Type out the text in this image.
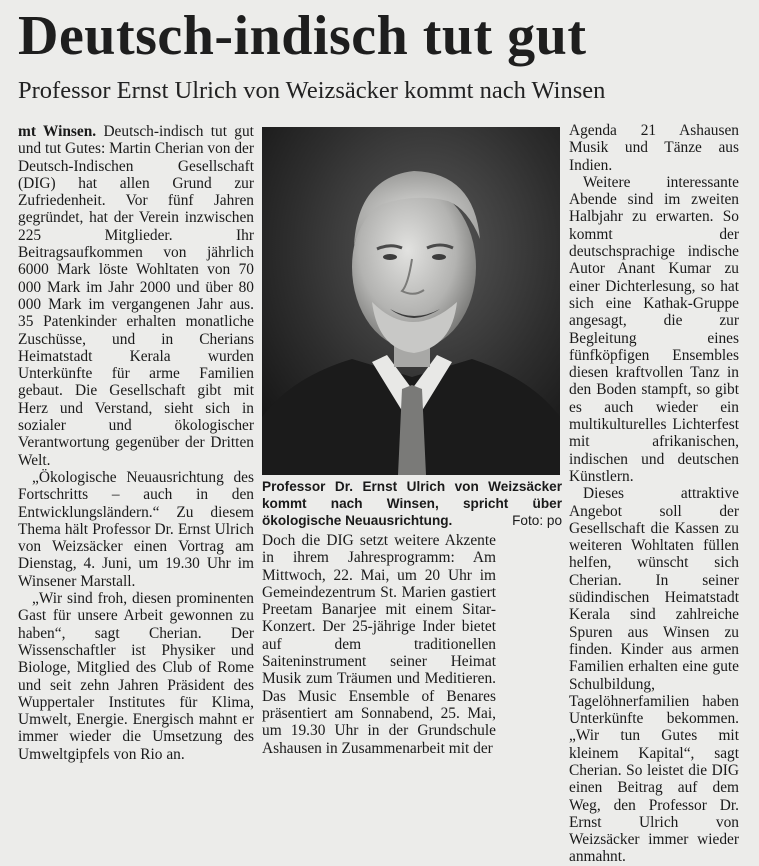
Deutsch-indisch tut gut
Professor Ernst Ulrich von Weizsäcker kommt nach Winsen

mt Winsen. Deutsch-indisch tut gut und tut Gutes: Martin Cherian von der Deutsch-Indischen Gesellschaft (DIG) hat allen Grund zur Zufriedenheit. Vor fünf Jahren gegründet, hat der Verein inzwischen 225 Mitglieder. Ihr Beitragsaufkommen von jährlich 6000 Mark löste Wohltaten von 70 000 Mark im Jahr 2000 und über 80 000 Mark im vergangenen Jahr aus. 35 Patenkinder erhalten monatliche Zuschüsse, und in Cherians Heimatstadt Kerala wurden Unterkünfte für arme Familien gebaut. Die Gesellschaft gibt mit Herz und Verstand, sieht sich in sozialer und ökologischer Verantwortung gegenüber der Dritten Welt.

„Ökologische Neuausrichtung des Fortschritts – auch in den Entwicklungsländern.“ Zu diesem Thema hält Professor Dr. Ernst Ulrich von Weizsäcker einen Vortrag am Dienstag, 4. Juni, um 19.30 Uhr im Winsener Marstall.

„Wir sind froh, diesen prominenten Gast für unsere Arbeit gewonnen zu haben“, sagt Cherian. Der Wissenschaftler ist Physiker und Biologe, Mitglied des Club of Rome und seit zehn Jahren Präsident des Wuppertaler Institutes für Klima, Umwelt, Energie. Energisch mahnt er immer wieder die Umsetzung des Umweltgipfels von Rio an.

Professor Dr. Ernst Ulrich von Weizsäcker kommt nach Winsen, spricht über ökologische Neuausrichtung.	Foto: po

Doch die DIG setzt weitere Akzente in ihrem Jahresprogramm: Am Mittwoch, 22. Mai, um 20 Uhr im Gemeindezentrum St. Marien gastiert Preetam Banarjee mit einem Sitar-Konzert. Der 25-jährige Inder bietet auf dem traditionellen Saiteninstrument seiner Heimat Musik zum Träumen und Meditieren. Das Music Ensemble of Benares präsentiert am Sonnabend, 25. Mai, um 19.30 Uhr in der Grundschule Ashausen in Zusammenarbeit mit der

Agenda 21 Ashausen Musik und Tänze aus Indien.

Weitere interessante Abende sind im zweiten Halbjahr zu erwarten. So kommt der deutschsprachige indische Autor Anant Kumar zu einer Dichterlesung, so hat sich eine Kathak-Gruppe angesagt, die zur Begleitung eines fünfköpfigen Ensembles diesen kraftvollen Tanz in den Boden stampft, so gibt es auch wieder ein multikulturelles Lichterfest mit afrikanischen, indischen und deutschen Künstlern.

Dieses attraktive Angebot soll der Gesellschaft die Kassen zu weiteren Wohltaten füllen helfen, wünscht sich Cherian. In seiner südindischen Heimatstadt Kerala sind zahlreiche Spuren aus Winsen zu finden. Kinder aus armen Familien erhalten eine gute Schulbildung, Tagelöhnerfamilien haben Unterkünfte bekommen. „Wir tun Gutes mit kleinem Kapital“, sagt Cherian. So leistet die DIG einen Beitrag auf dem Weg, den Professor Dr. Ernst Ulrich von Weizsäcker immer wieder anmahnt.
